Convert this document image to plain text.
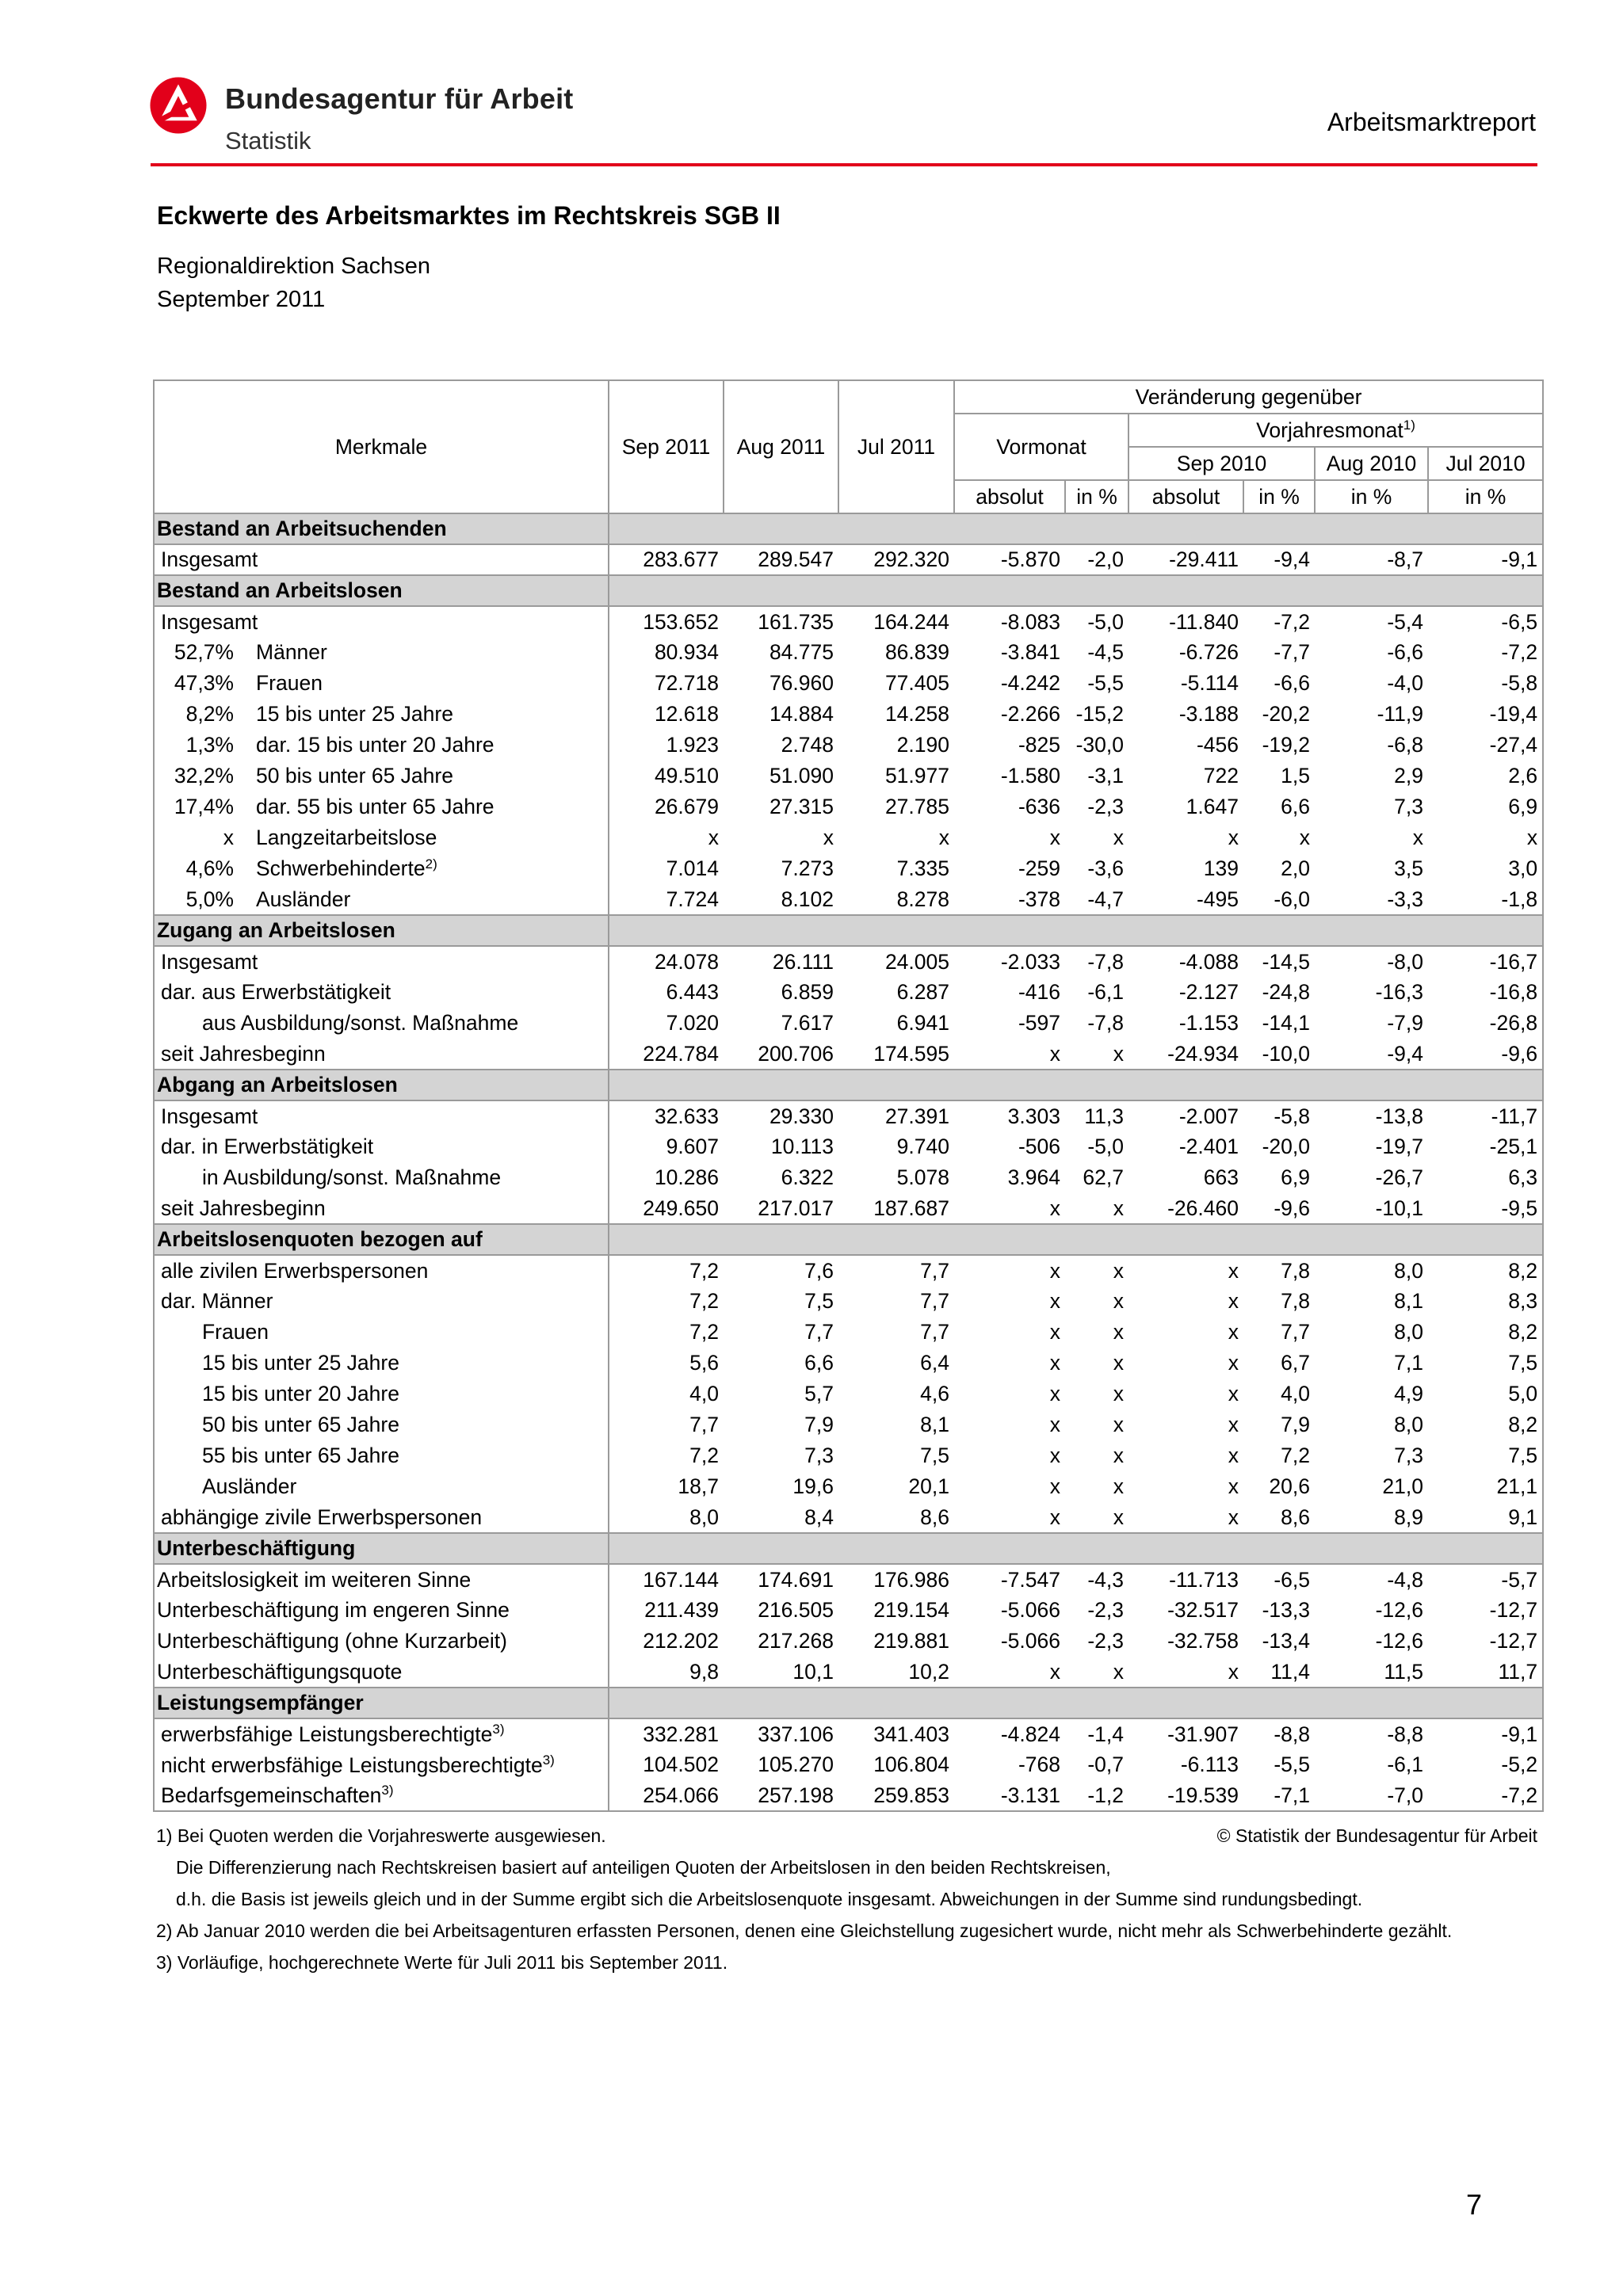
Bundesagentur für Arbeit
Statistik
Arbeitsmarktreport
Eckwerte des Arbeitsmarktes im Rechtskreis SGB II
Regionaldirektion Sachsen
September 2011
Merkmale	Sep 2011	Aug 2011	Jul 2011	Veränderung gegenüber					
				Vormonat		Vorjahresmonat$^{1)}$
						Sep 2010		Aug 2010	Jul 2010
				absolut	in %	absolut	in %	in %	in %
Bestand an Arbeitsuchenden									
Insgesamt	283.677	289.547	292.320	-5.870	-2,0	-29.411	-9,4	-8,7	-9,1
Bestand an Arbeitslosen									
Insgesamt	153.652	161.735	164.244	-8.083	-5,0	-11.840	-7,2	-5,4	-6,5
52,7% Männer	80.934	84.775	86.839	-3.841	-4,5	-6.726	-7,7	-6,6	-7,2
47,3% Frauen	72.718	76.960	77.405	-4.242	-5,5	-5.114	-6,6	-4,0	-5,8
8,2% 15 bis unter 25 Jahre	12.618	14.884	14.258	-2.266	-15,2	-3.188	-20,2	-11,9	-19,4
1,3% dar. 15 bis unter 20 Jahre	1.923	2.748	2.190	-825	-30,0	-456	-19,2	-6,8	-27,4
32,2% 50 bis unter 65 Jahre	49.510	51.090	51.977	-1.580	-3,1	722	1,5	2,9	2,6
17,4% dar. 55 bis unter 65 Jahre	26.679	27.315	27.785	-636	-2,3	1.647	6,6	7,3	6,9
x Langzeitarbeitslose	x	x	x	x	x	x	x	x	x
4,6% Schwerbehinderte$^{2)}$	7.014	7.273	7.335	-259	-3,6	139	2,0	3,5	3,0
5,0% Ausländer	7.724	8.102	8.278	-378	-4,7	-495	-6,0	-3,3	-1,8
Zugang an Arbeitslosen									
Insgesamt	24.078	26.111	24.005	-2.033	-7,8	-4.088	-14,5	-8,0	-16,7
dar. aus Erwerbstätigkeit	6.443	6.859	6.287	-416	-6,1	-2.127	-24,8	-16,3	-16,8
aus Ausbildung/sonst. Maßnahme	7.020	7.617	6.941	-597	-7,8	-1.153	-14,1	-7,9	-26,8
seit Jahresbeginn	224.784	200.706	174.595	x	x	-24.934	-10,0	-9,4	-9,6
Abgang an Arbeitslosen									
Insgesamt	32.633	29.330	27.391	3.303	11,3	-2.007	-5,8	-13,8	-11,7
dar. in Erwerbstätigkeit	9.607	10.113	9.740	-506	-5,0	-2.401	-20,0	-19,7	-25,1
in Ausbildung/sonst. Maßnahme	10.286	6.322	5.078	3.964	62,7	663	6,9	-26,7	6,3
seit Jahresbeginn	249.650	217.017	187.687	x	x	-26.460	-9,6	-10,1	-9,5
Arbeitslosenquoten bezogen auf									
alle zivilen Erwerbspersonen	7,2	7,6	7,7	x	x	x	7,8	8,0	8,2
dar. Männer	7,2	7,5	7,7	x	x	x	7,8	8,1	8,3
Frauen	7,2	7,7	7,7	x	x	x	7,7	8,0	8,2
15 bis unter 25 Jahre	5,6	6,6	6,4	x	x	x	6,7	7,1	7,5
15 bis unter 20 Jahre	4,0	5,7	4,6	x	x	x	4,0	4,9	5,0
50 bis unter 65 Jahre	7,7	7,9	8,1	x	x	x	7,9	8,0	8,2
55 bis unter 65 Jahre	7,2	7,3	7,5	x	x	x	7,2	7,3	7,5
Ausländer	18,7	19,6	20,1	x	x	x	20,6	21,0	21,1
abhängige zivile Erwerbspersonen	8,0	8,4	8,6	x	x	x	8,6	8,9	9,1
Unterbeschäftigung									
Arbeitslosigkeit im weiteren Sinne	167.144	174.691	176.986	-7.547	-4,3	-11.713	-6,5	-4,8	-5,7
Unterbeschäftigung im engeren Sinne	211.439	216.505	219.154	-5.066	-2,3	-32.517	-13,3	-12,6	-12,7
Unterbeschäftigung (ohne Kurzarbeit)	212.202	217.268	219.881	-5.066	-2,3	-32.758	-13,4	-12,6	-12,7
Unterbeschäftigungsquote	9,8	10,1	10,2	x	x	x	11,4	11,5	11,7
Leistungsempfänger									
erwerbsfähige Leistungsberechtigte$^{3)}$	332.281	337.106	341.403	-4.824	-1,4	-31.907	-8,8	-8,8	-9,1
nicht erwerbsfähige Leistungsberechtigte$^{3)}$	104.502	105.270	106.804	-768	-0,7	-6.113	-5,5	-6,1	-5,2
Bedarfsgemeinschaften$^{3)}$	254.066	257.198	259.853	-3.131	-1,2	-19.539	-7,1	-7,0	-7,2
1) Bei Quoten werden die Vorjahreswerte ausgewiesen.	© Statistik der Bundesagentur für Arbeit
Die Differenzierung nach Rechtskreisen basiert auf anteiligen Quoten der Arbeitslosen in den beiden Rechtskreisen,
d.h. die Basis ist jeweils gleich und in der Summe ergibt sich die Arbeitslosenquote insgesamt. Abweichungen in der Summe sind rundungsbedingt.
2) Ab Januar 2010 werden die bei Arbeitsagenturen erfassten Personen, denen eine Gleichstellung zugesichert wurde, nicht mehr als Schwerbehinderte gezählt.
3) Vorläufige, hochgerechnete Werte für Juli 2011 bis September 2011.
7
